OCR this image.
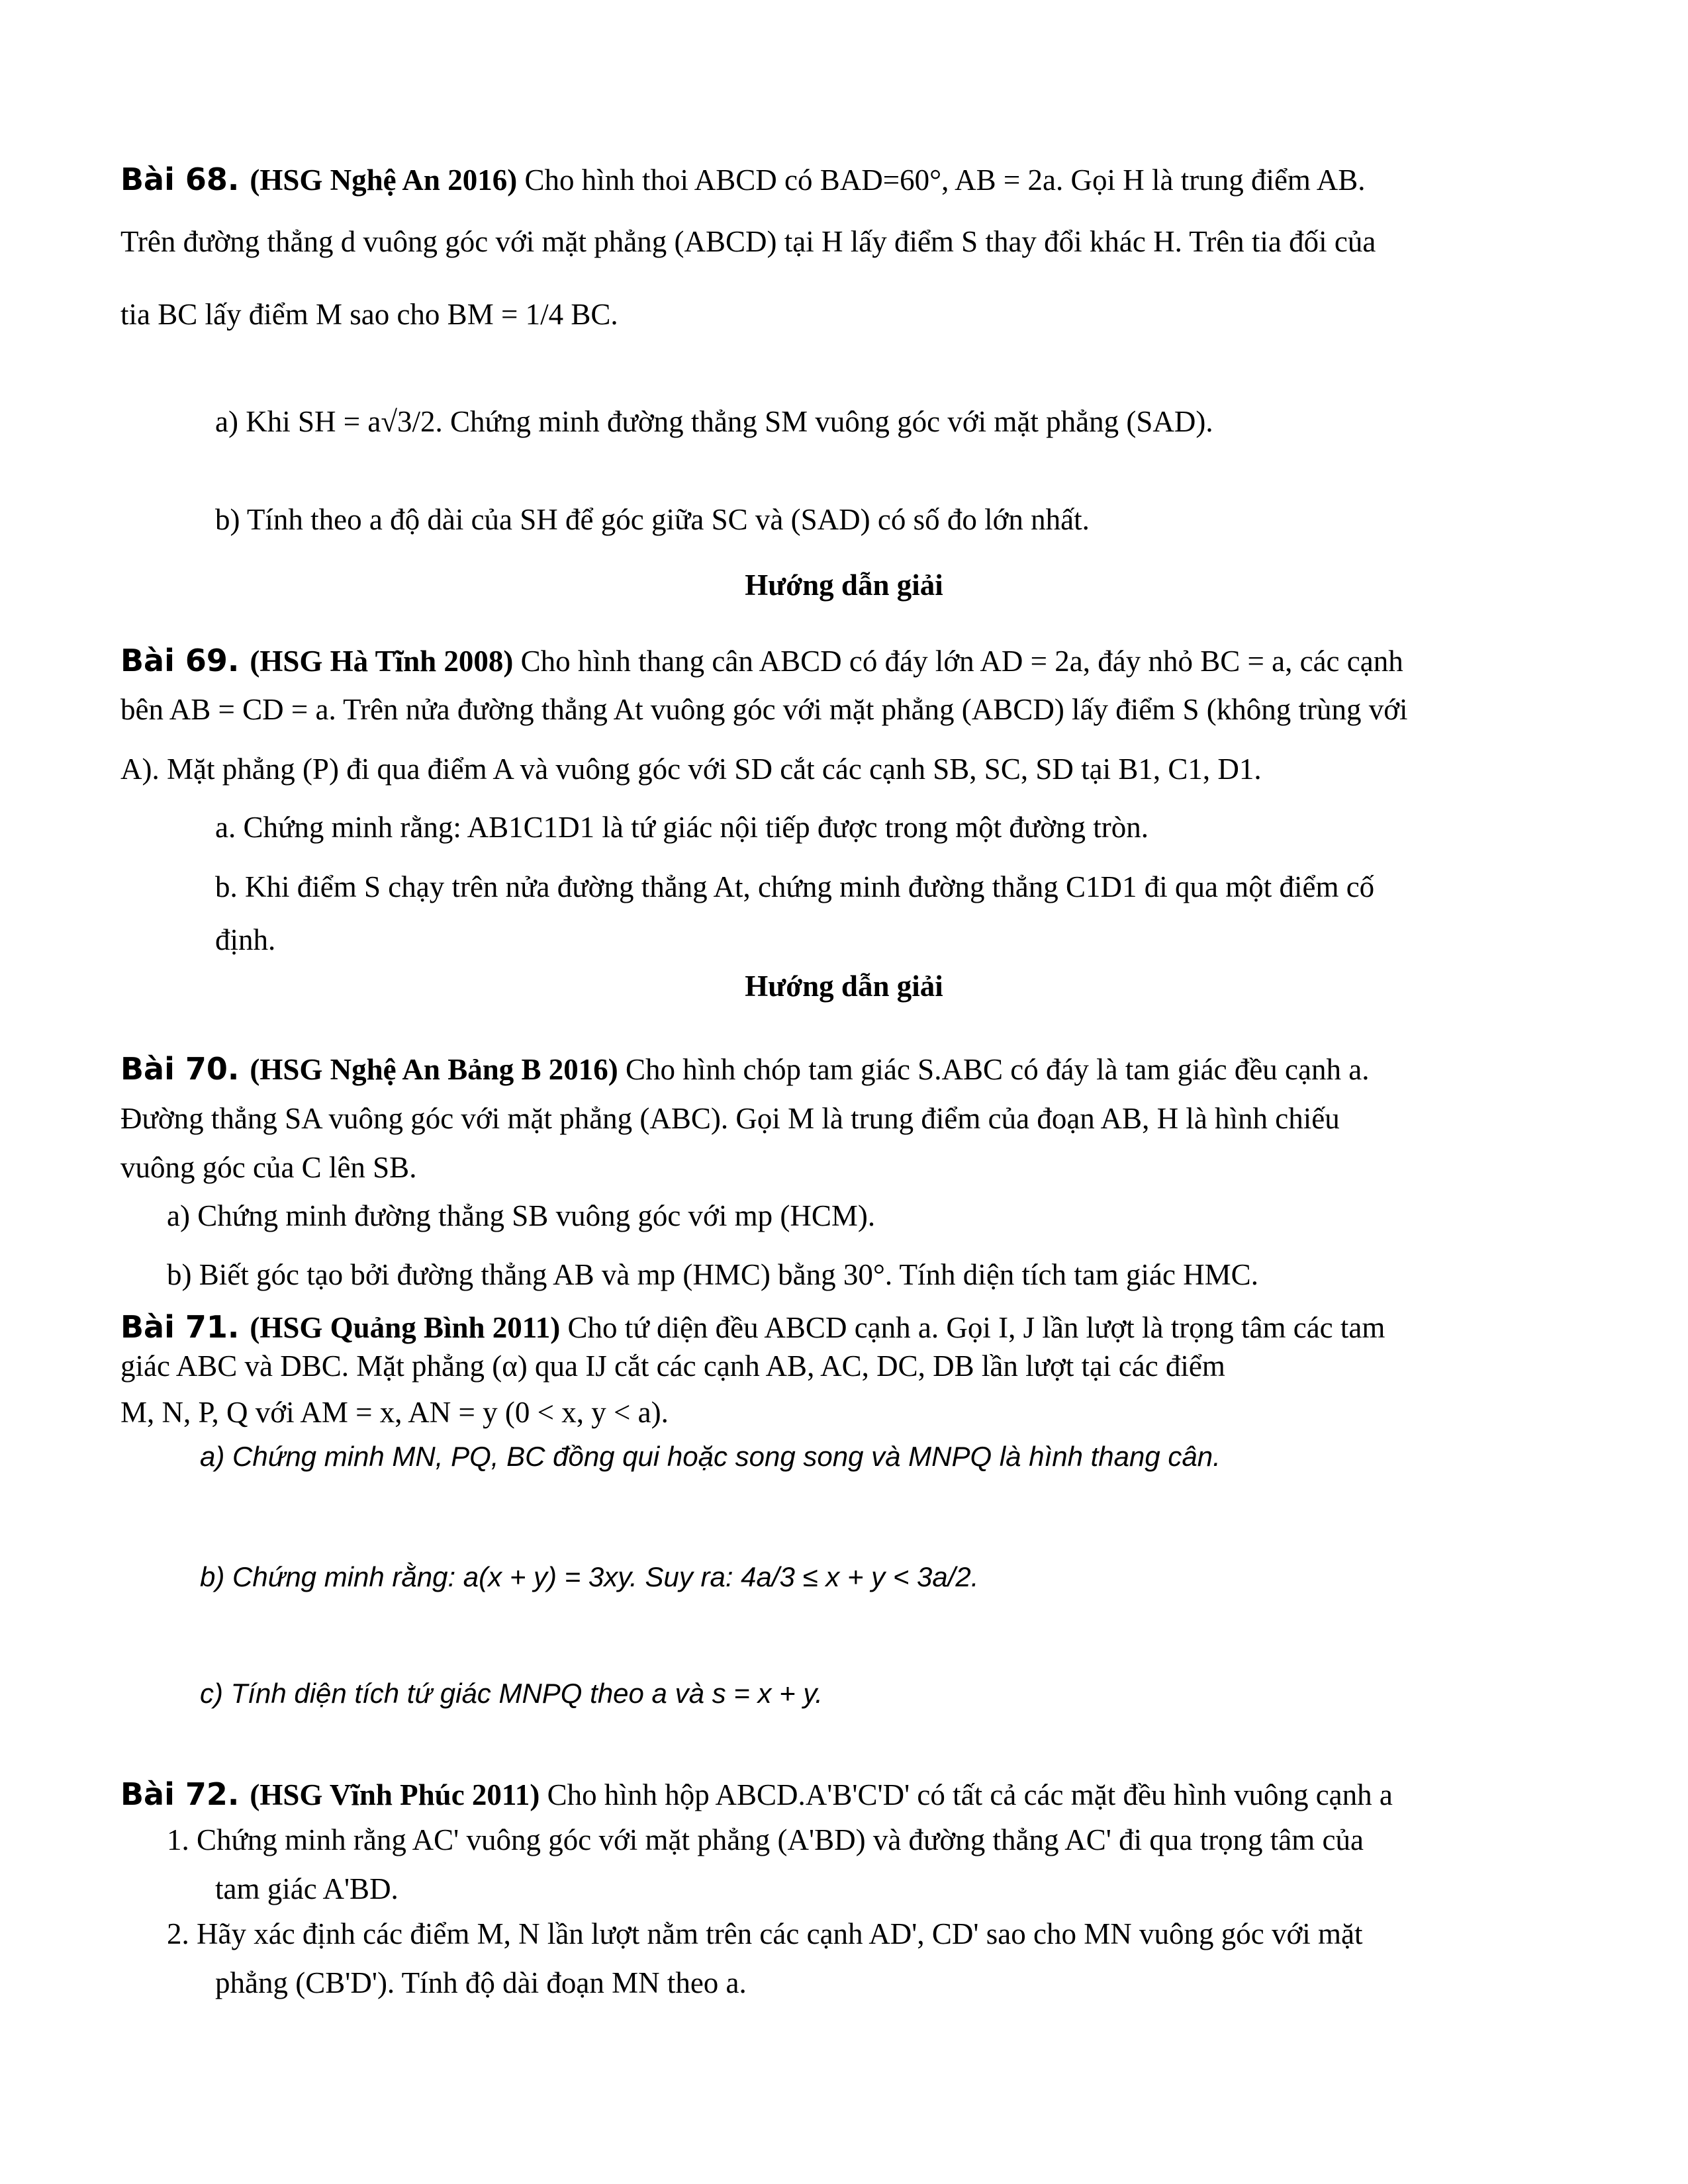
Bài 68. (HSG Nghệ An 2016) Cho hình thoi ABCD có BAD=60°, AB = 2a. Gọi H là trung điểm AB.
Trên đường thẳng d vuông góc với mặt phẳng (ABCD) tại H lấy điểm S thay đổi khác H. Trên tia đối của
tia BC lấy điểm M sao cho BM = 1/4 BC.
a) Khi SH = a√3/2. Chứng minh đường thẳng SM vuông góc với mặt phẳng (SAD).
b) Tính theo a độ dài của SH để góc giữa SC và (SAD) có số đo lớn nhất.
Hướng dẫn giải
Bài 69. (HSG Hà Tĩnh 2008) Cho hình thang cân ABCD có đáy lớn AD = 2a, đáy nhỏ BC = a, các cạnh
bên AB = CD = a. Trên nửa đường thẳng At vuông góc với mặt phẳng (ABCD) lấy điểm S (không trùng với
A). Mặt phẳng (P) đi qua điểm A và vuông góc với SD cắt các cạnh SB, SC, SD tại B1, C1, D1.
a. Chứng minh rằng: AB1C1D1 là tứ giác nội tiếp được trong một đường tròn.
b. Khi điểm S chạy trên nửa đường thẳng At, chứng minh đường thẳng C1D1 đi qua một điểm cố
định.
Hướng dẫn giải
Bài 70. (HSG Nghệ An Bảng B 2016) Cho hình chóp tam giác S.ABC có đáy là tam giác đều cạnh a.
Đường thẳng SA vuông góc với mặt phẳng (ABC). Gọi M là trung điểm của đoạn AB, H là hình chiếu
vuông góc của C lên SB.
a) Chứng minh đường thẳng SB vuông góc với mp (HCM).
b) Biết góc tạo bởi đường thẳng AB và mp (HMC) bằng 30°. Tính diện tích tam giác HMC.
Bài 71. (HSG Quảng Bình 2011) Cho tứ diện đều ABCD cạnh a. Gọi I, J lần lượt là trọng tâm các tam
giác ABC và DBC. Mặt phẳng (α) qua IJ cắt các cạnh AB, AC, DC, DB lần lượt tại các điểm
M, N, P, Q với AM = x, AN = y (0 < x, y < a).
a) Chứng minh MN, PQ, BC đồng qui hoặc song song và MNPQ là hình thang cân.
b) Chứng minh rằng: a(x + y) = 3xy. Suy ra: 4a/3 ≤ x + y < 3a/2.
c) Tính diện tích tứ giác MNPQ theo a và s = x + y.
Bài 72. (HSG Vĩnh Phúc 2011) Cho hình hộp ABCD.A'B'C'D' có tất cả các mặt đều hình vuông cạnh a
1. Chứng minh rằng AC' vuông góc với mặt phẳng (A'BD) và đường thẳng AC' đi qua trọng tâm của
tam giác A'BD.
2. Hãy xác định các điểm M, N lần lượt nằm trên các cạnh AD', CD' sao cho MN vuông góc với mặt
phẳng (CB'D'). Tính độ dài đoạn MN theo a.
